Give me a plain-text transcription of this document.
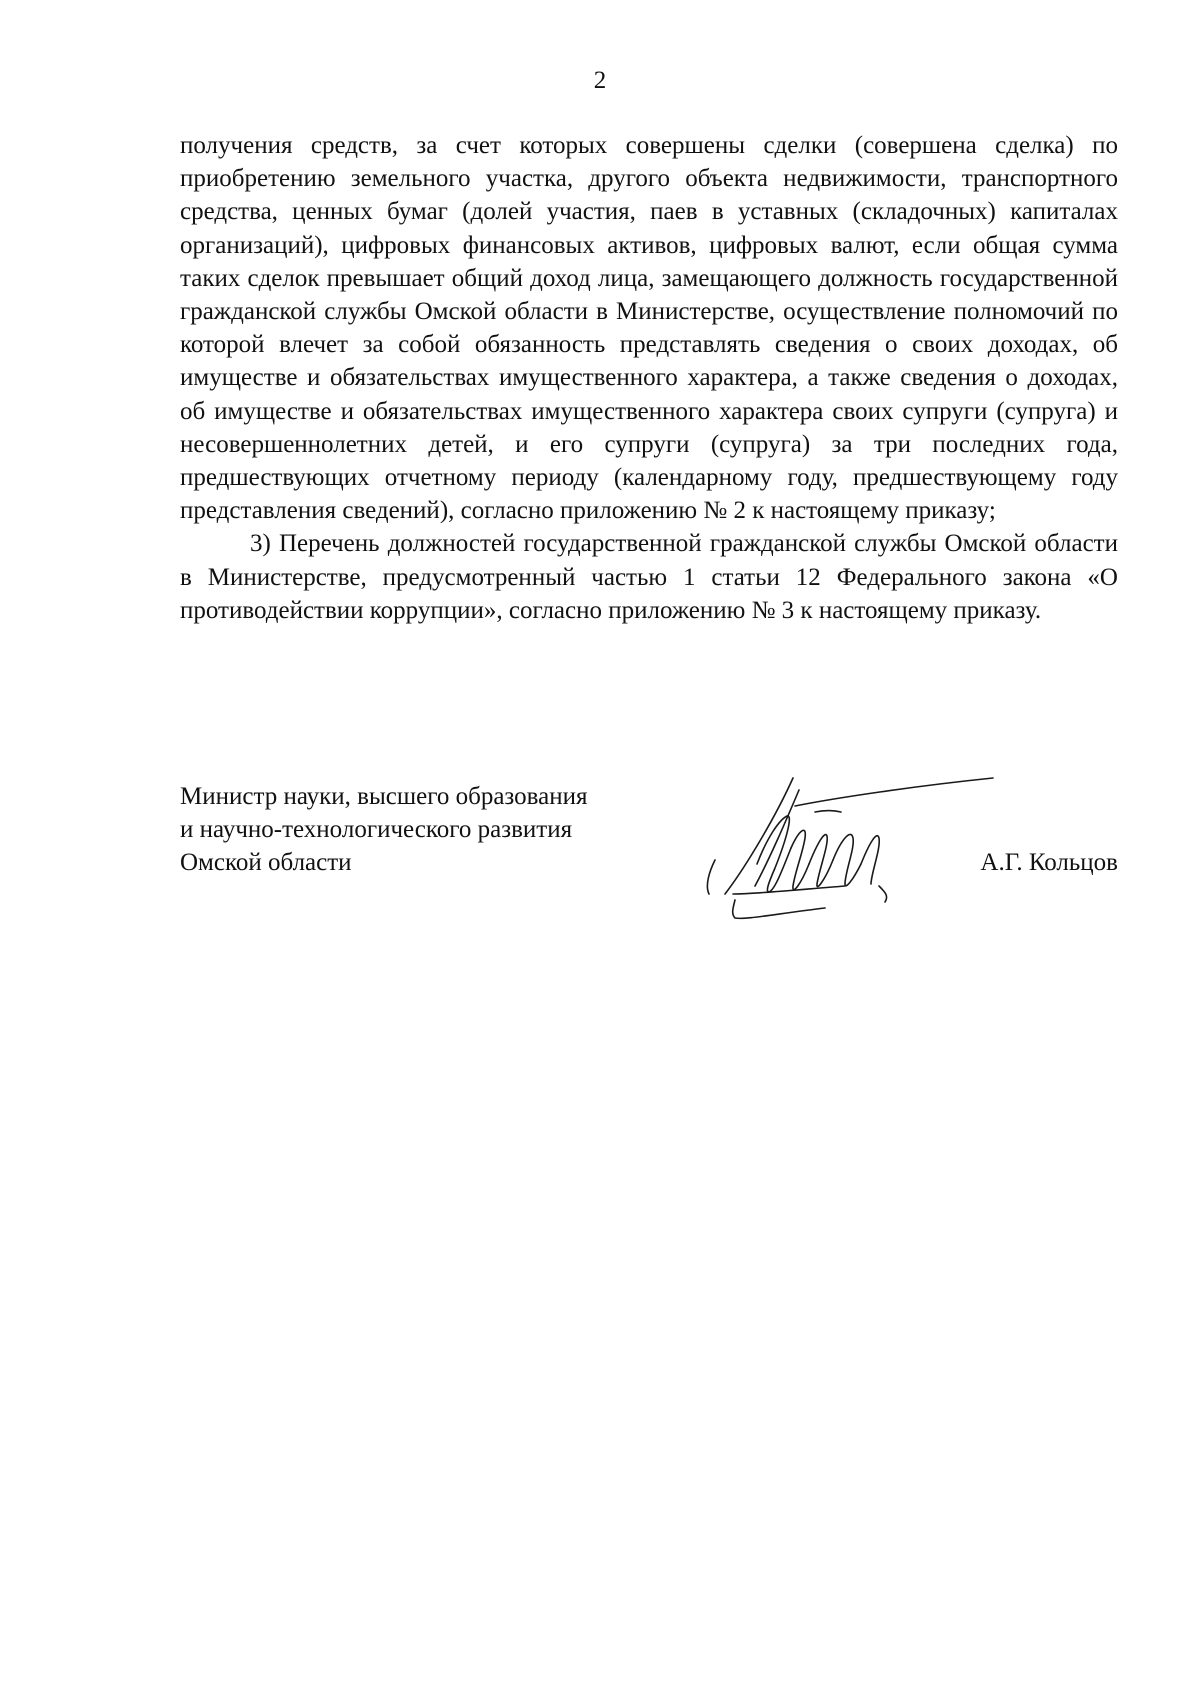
2

получения средств, за счет которых совершены сделки (совершена сделка) по приобретению земельного участка, другого объекта недвижимости, транспортного средства, ценных бумаг (долей участия, паев в уставных (складочных) капиталах организаций), цифровых финансовых активов, цифровых валют, если общая сумма таких сделок превышает общий доход лица, замещающего должность государственной гражданской службы Омской области в Министерстве, осуществление полномочий по которой влечет за собой обязанность представлять сведения о своих доходах, об имуществе и обязательствах имущественного характера, а также сведения о доходах, об имуществе и обязательствах имущественного характера своих супруги (супруга) и несовершеннолетних детей, и его супруги (супруга) за три последних года, предшествующих отчетному периоду (календарному году, предшествующему году представления сведений), согласно приложению № 2 к настоящему приказу;

3) Перечень должностей государственной гражданской службы Омской области в Министерстве, предусмотренный частью 1 статьи 12 Федерального закона «О противодействии коррупции», согласно приложению № 3 к настоящему приказу.

Министр науки, высшего образования
и научно-технологического развития
Омской области	А.Г. Кольцов
